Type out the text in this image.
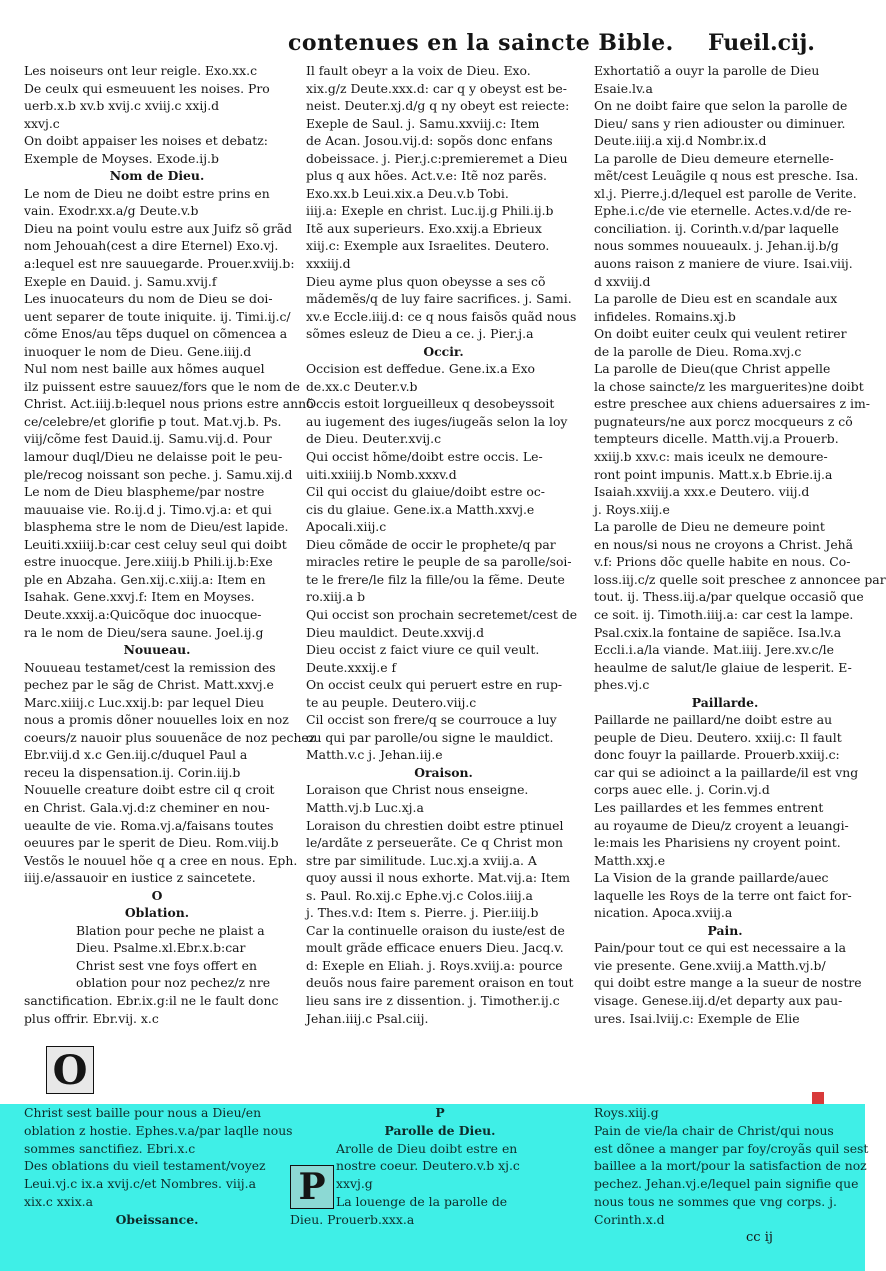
contenues en la saincte Bible. Fueil.cij.
Les noiseurs ont leur reigle. Exo.xx.c
De ceulx qui esmeuuent les noises. Pro
uerb.x.b xv.b xvij.c xviij.c xxij.d
xxvj.c
On doibt appaiser les noises et debatz:
Exemple de Moyses. Exode.ij.b
Nom de Dieu.
Le nom de Dieu ne doibt estre prins en
vain. Exodr.xx.a/g Deute.v.b
Dieu na point voulu estre aux Juifz sõ grãd
nom Jehouah(cest a dire Eternel) Exo.vj.
a:lequel est nre sauuegarde. Prouer.xviij.b:
Exeple en Dauid. j. Samu.xvij.f
Les inuocateurs du nom de Dieu se doi-
uent separer de toute iniquite. ij. Timi.ij.c/
cõme Enos/au tẽps duquel on cõmencea a
inuoquer le nom de Dieu. Gene.iiij.d
Nul nom nest baille aux hõmes auquel
ilz puissent estre sauuez/fors que le nom de
Christ. Act.iiij.b:lequel nous prions estre annõ
ce/celebre/et glorifie p tout. Mat.vj.b. Ps.
viij/cõme fest Dauid.ij. Samu.vij.d. Pour
lamour duql/Dieu ne delaisse poit le peu-
ple/recog noissant son peche. j. Samu.xij.d
Le nom de Dieu blaspheme/par nostre
mauuaise vie. Ro.ij.d j. Timo.vj.a: et qui
blasphema stre le nom de Dieu/est lapide.
Leuiti.xxiiij.b:car cest celuy seul qui doibt
estre inuocque. Jere.xiiij.b Phili.ij.b:Exe
ple en Abzaha. Gen.xij.c.xiij.a: Item en
Isahak. Gene.xxvj.f: Item en Moyses.
Deute.xxxij.a:Quicõque doc inuocque-
ra le nom de Dieu/sera saune. Joel.ij.g
Nouueau.
Nouueau testamet/cest la remission des
pechez par le sãg de Christ. Matt.xxvj.e
Marc.xiiij.c Luc.xxij.b: par lequel Dieu
nous a promis dõner nouuelles loix en noz
coeurs/z nauoir plus souuenãce de noz pechez
Ebr.viij.d x.c Gen.iij.c/duquel Paul a
receu la dispensation.ij. Corin.iij.b
Nouuelle creature doibt estre cil q croit
en Christ. Gala.vj.d:z cheminer en nou-
ueaulte de vie. Roma.vj.a/faisans toutes
oeuures par le sperit de Dieu. Rom.viij.b
Vestõs le nouuel hõe q a cree en nous. Eph.
iiij.e/assauoir en iustice z saincetete.
O
Oblation.
Blation pour peche ne plaist a
Dieu. Psalme.xl.Ebr.x.b:car
Christ sest vne foys offert en
oblation pour noz pechez/z nre
sanctification. Ebr.ix.g:il ne le fault donc
plus offrir. Ebr.vij. x.c
Il fault obeyr a la voix de Dieu. Exo.
xix.g/z Deute.xxx.d: car q y obeyst est be-
neist. Deuter.xj.d/g q ny obeyt est reiecte:
Exeple de Saul. j. Samu.xxviij.c: Item
de Acan. Josou.vij.d: sopõs donc enfans
dobeissace. j. Pier.j.c:premieremet a Dieu
plus q aux hões. Act.v.e: Itẽ noz parẽs.
Exo.xx.b Leui.xix.a Deu.v.b Tobi.
iiij.a: Exeple en christ. Luc.ij.g Phili.ij.b
Itẽ aux superieurs. Exo.xxij.a Ebrieux
xiij.c: Exemple aux Israelites. Deutero.
xxxiij.d
Dieu ayme plus quon obeysse a ses cõ
mãdemẽs/q de luy faire sacrifices. j. Sami.
xv.e Eccle.iiij.d: ce q nous faisõs quãd nous
sõmes esleuz de Dieu a ce. j. Pier.j.a
Occir.
Occision est deffedue. Gene.ix.a Exo
de.xx.c Deuter.v.b
Occis estoit lorgueilleux q desobeyssoit
au iugement des iuges/iugeãs selon la loy
de Dieu. Deuter.xvij.c
Qui occist hõme/doibt estre occis. Le-
uiti.xxiiij.b Nomb.xxxv.d
Cil qui occist du glaiue/doibt estre oc-
cis du glaiue. Gene.ix.a Matth.xxvj.e
Apocali.xiij.c
Dieu cõmãde de occir le prophete/q par
miracles retire le peuple de sa parolle/soi-
te le frere/le filz la fille/ou la fẽme. Deute
ro.xiij.a b
Qui occist son prochain secretemet/cest de
Dieu mauldict. Deute.xxvij.d
Dieu occist z faict viure ce quil veult.
Deute.xxxij.e f
On occist ceulx qui peruert estre en rup-
te au peuple. Deutero.viij.c
Cil occist son frere/q se courrouce a luy
ou qui par parolle/ou signe le mauldict.
Matth.v.c j. Jehan.iij.e
Oraison.
Loraison que Christ nous enseigne.
Matth.vj.b Luc.xj.a
Loraison du chrestien doibt estre ptinuel
le/ardãte z perseuerãte. Ce q Christ mon
stre par similitude. Luc.xj.a xviij.a. A
quoy aussi il nous exhorte. Mat.vij.a: Item
s. Paul. Ro.xij.c Ephe.vj.c Colos.iiij.a
j. Thes.v.d: Item s. Pierre. j. Pier.iiij.b
Car la continuelle oraison du iuste/est de
moult grãde efficace enuers Dieu. Jacq.v.
d: Exeple en Eliah. j. Roys.xviij.a: pource
deuõs nous faire parement oraison en tout
lieu sans ire z dissention. j. Timother.ij.c
Jehan.iiij.c Psal.ciij.
Exhortatiõ a ouyr la parolle de Dieu
Esaie.lv.a
On ne doibt faire que selon la parolle de
Dieu/ sans y rien adiouster ou diminuer.
Deute.iiij.a xij.d Nombr.ix.d
La parolle de Dieu demeure eternelle-
mẽt/cest Leuãgile q nous est presche. Isa.
xl.j. Pierre.j.d/lequel est parolle de Verite.
Ephe.i.c/de vie eternelle. Actes.v.d/de re-
conciliation. ij. Corinth.v.d/par laquelle
nous sommes nouueaulx. j. Jehan.ij.b/g
auons raison z maniere de viure. Isai.viij.
d xxviij.d
La parolle de Dieu est en scandale aux
infideles. Romains.xj.b
On doibt euiter ceulx qui veulent retirer
de la parolle de Dieu. Roma.xvj.c
La parolle de Dieu(que Christ appelle
la chose saincte/z les marguerites)ne doibt
estre preschee aux chiens aduersaires z im-
pugnateurs/ne aux porcz mocqueurs z cõ
tempteurs dicelle. Matth.vij.a Prouerb.
xxiij.b xxv.c: mais iceulx ne demoure-
ront point impunis. Matt.x.b Ebrie.ij.a
Isaiah.xxviij.a xxx.e Deutero. viij.d
j. Roys.xiij.e
La parolle de Dieu ne demeure point
en nous/si nous ne croyons a Christ. Jehã
v.f: Prions dõc quelle habite en nous. Co-
loss.iij.c/z quelle soit preschee z annoncee par
tout. ij. Thess.iij.a/par quelque occasiõ que
ce soit. ij. Timoth.iiij.a: car cest la lampe.
Psal.cxix.la fontaine de sapiẽce. Isa.lv.a
Eccli.i.a/la viande. Mat.iiij. Jere.xv.c/le
heaulme de salut/le glaiue de lesperit. E-
phes.vj.c
Paillarde.
Paillarde ne paillard/ne doibt estre au
peuple de Dieu. Deutero. xxiij.c: Il fault
donc fouyr la paillarde. Prouerb.xxiij.c:
car qui se adioinct a la paillarde/il est vng
corps auec elle. j. Corin.vj.d
Les paillardes et les femmes entrent
au royaume de Dieu/z croyent a leuangi-
le:mais les Pharisiens ny croyent point.
Matth.xxj.e
La Vision de la grande paillarde/auec
laquelle les Roys de la terre ont faict for-
nication. Apoca.xviij.a
Pain.
Pain/pour tout ce qui est necessaire a la
vie presente. Gene.xviij.a Matth.vj.b/
qui doibt estre mange a la sueur de nostre
visage. Genese.iij.d/et departy aux pau-
ures. Isai.lviij.c: Exemple de Elie
O
Christ sest baille pour nous a Dieu/en
oblation z hostie. Ephes.v.a/par laqlle nous
sommes sanctifiez. Ebri.x.c
Des oblations du vieil testament/voyez
Leui.vj.c ix.a xvij.c/et Nombres. viij.a
xix.c xxix.a
Obeissance.
P
Parolle de Dieu.
Arolle de Dieu doibt estre en
nostre coeur. Deutero.v.b xj.c
xxvj.g
La louenge de la parolle de
Dieu. Prouerb.xxx.a
Roys.xiij.g
Pain de vie/la chair de Christ/qui nous
est dõnee a manger par foy/croyãs quil sest
baillee a la mort/pour la satisfaction de noz
pechez. Jehan.vj.e/lequel pain signifie que
nous tous ne sommes que vng corps. j.
Corinth.x.d
P
cc ij
